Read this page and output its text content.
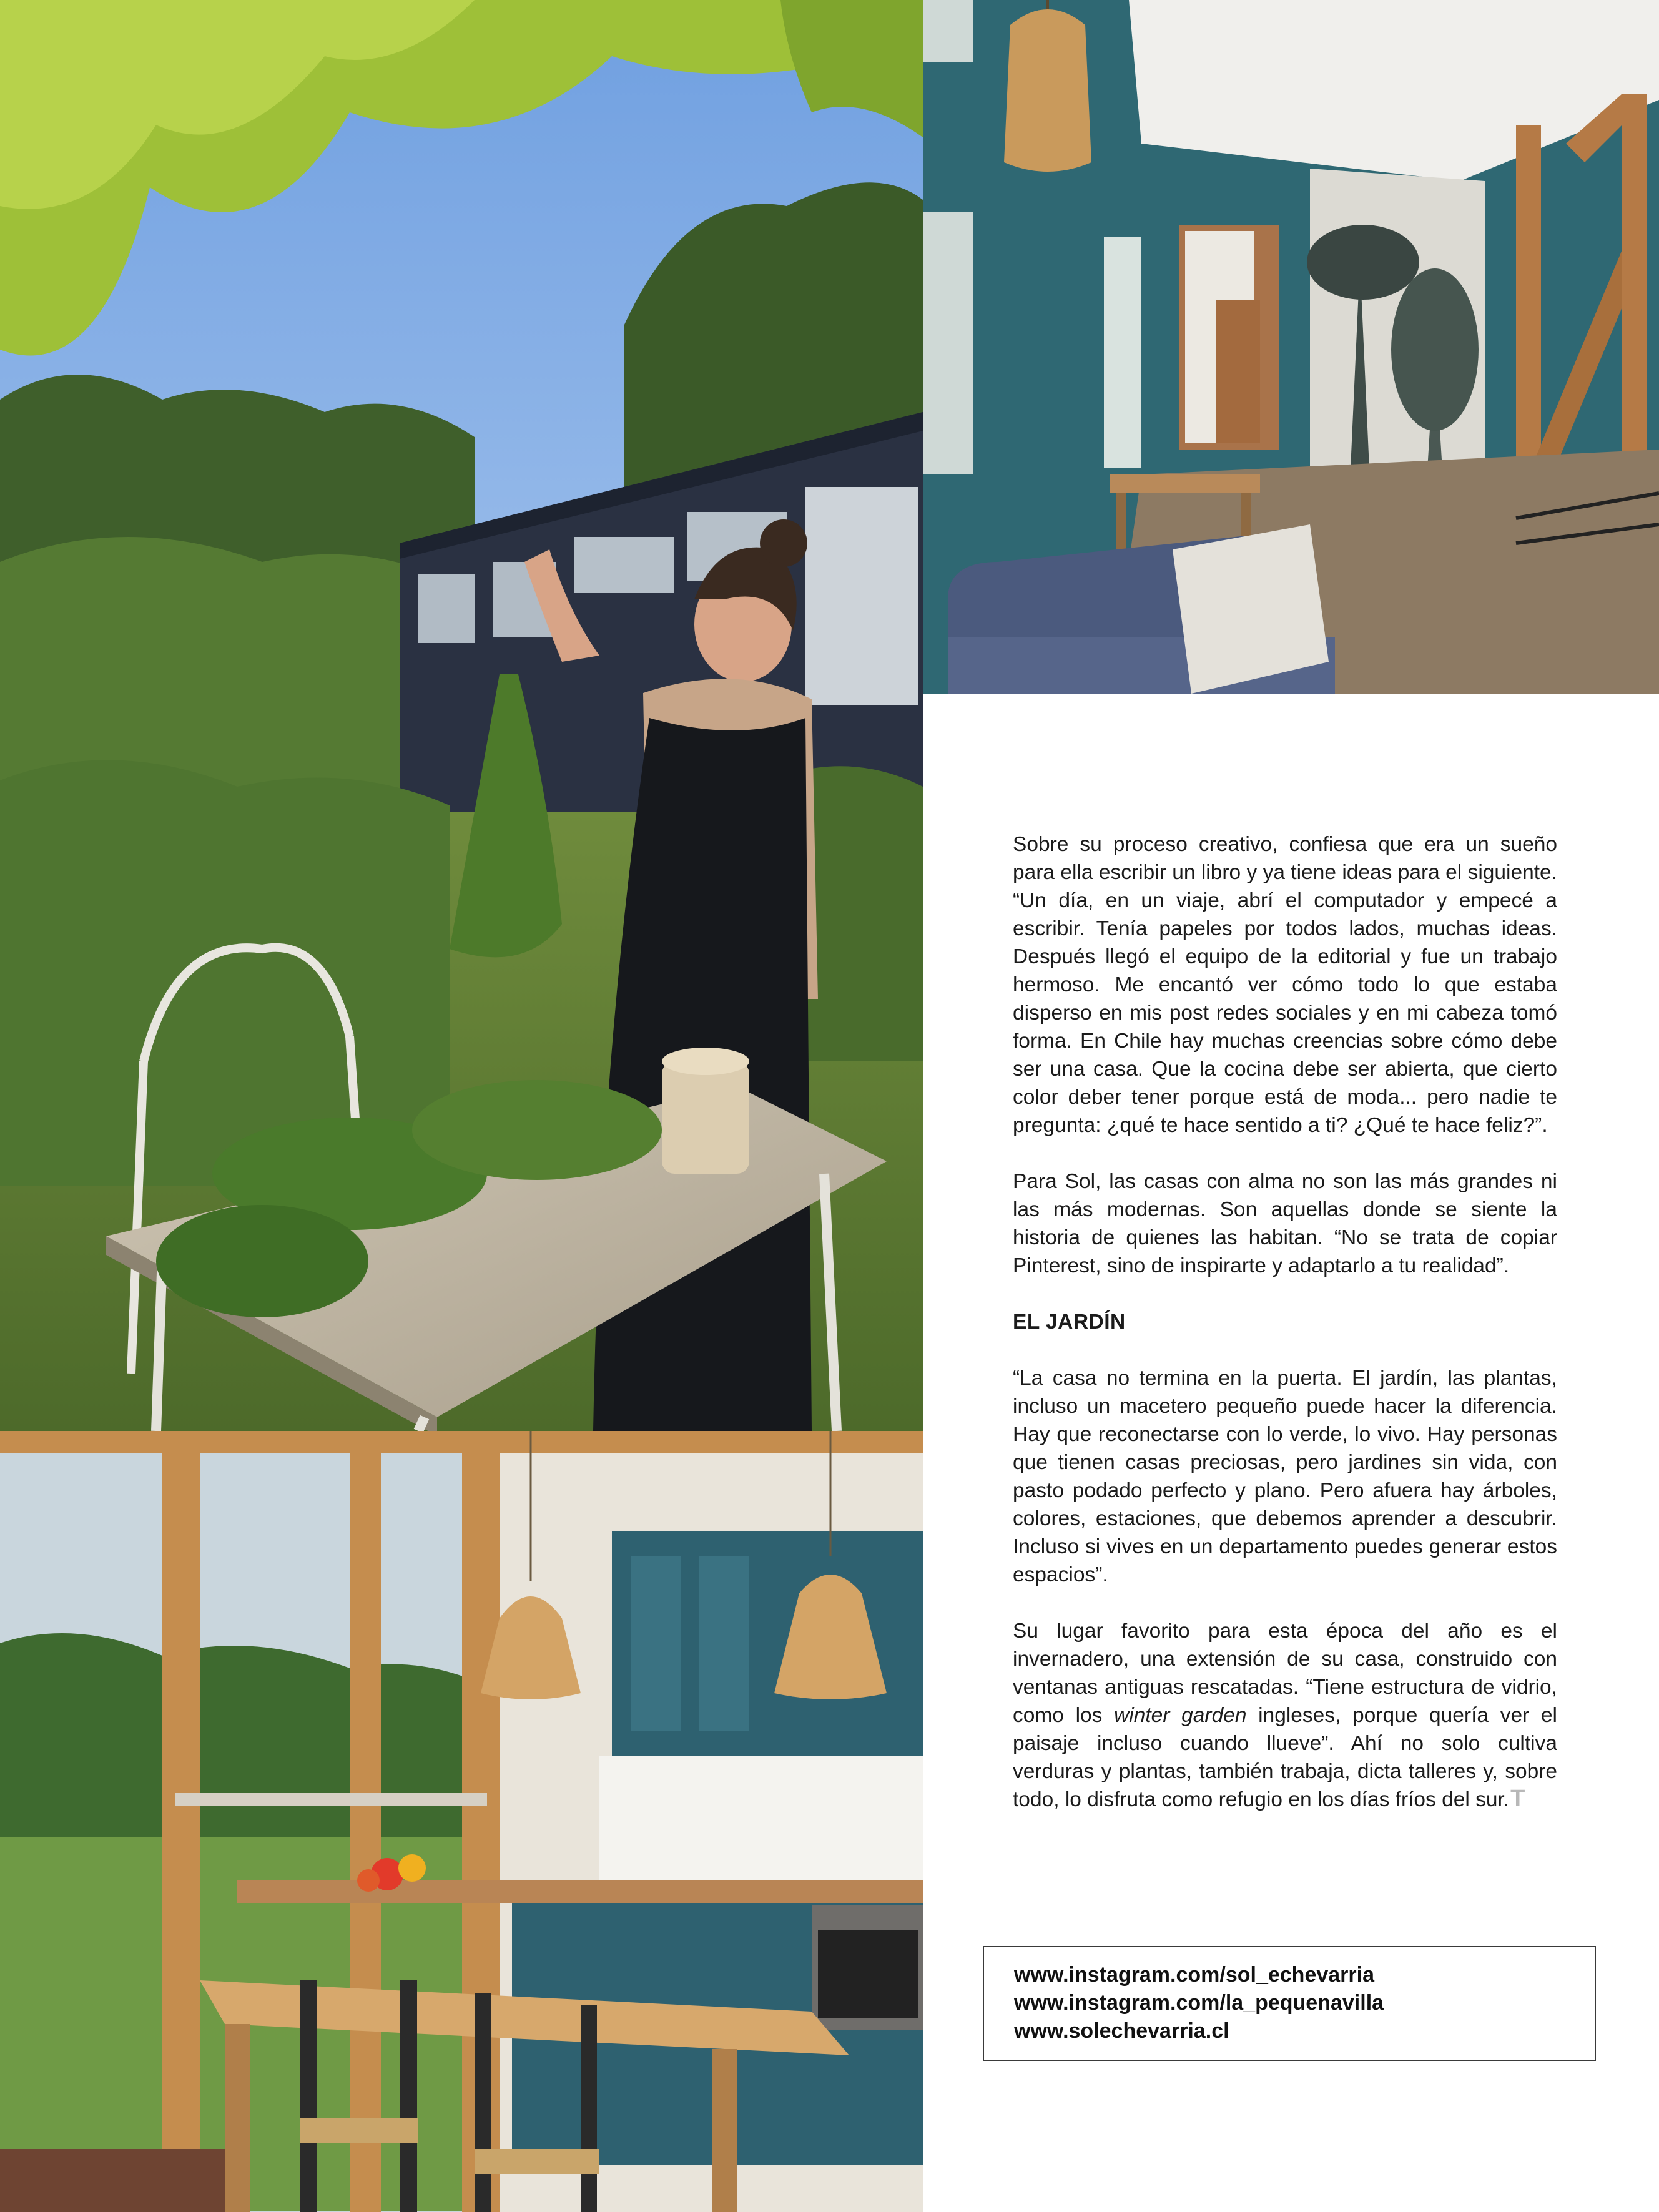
Sobre su proceso creativo, confiesa que era un sueño para ella escribir un libro y ya tiene ideas para el siguiente. “Un día, en un viaje, abrí el computador y empecé a escribir. Tenía papeles por todos lados, muchas ideas. Después llegó el equipo de la editorial y fue un trabajo hermoso. Me encantó ver cómo todo lo que estaba disperso en mis post redes sociales y en mi cabeza tomó forma. En Chile hay muchas creencias sobre cómo debe ser una casa. Que la cocina debe ser abierta, que cierto color deber tener porque está de moda... pero nadie te pregunta: ¿qué te hace sentido a ti? ¿Qué te hace feliz?”.

Para Sol, las casas con alma no son las más grandes ni las más modernas. Son aquellas donde se siente la historia de quienes las habitan. “No se trata de copiar Pinterest, sino de inspirarte y adaptarlo a tu realidad”.

EL JARDÍN

“La casa no termina en la puerta. El jardín, las plantas, incluso un macetero pequeño puede hacer la diferencia. Hay que reconectarse con lo verde, lo vivo. Hay personas que tienen casas preciosas, pero jardines sin vida, con pasto podado perfecto y plano. Pero afuera hay árboles, colores, estaciones, que debemos aprender a descubrir. Incluso si vives en un departamento puedes generar estos espacios”.

Su lugar favorito para esta época del año es el invernadero, una extensión de su casa, construido con ventanas antiguas rescatadas. “Tiene estructura de vidrio, como los winter garden ingleses, porque quería ver el paisaje incluso cuando llueve”. Ahí no solo cultiva verduras y plantas, también trabaja, dicta talleres y, sobre todo, lo disfruta como refugio en los días fríos del sur.T

www.instagram.com/sol_echevarria
www.instagram.com/la_pequenavilla
www.solechevarria.cl
